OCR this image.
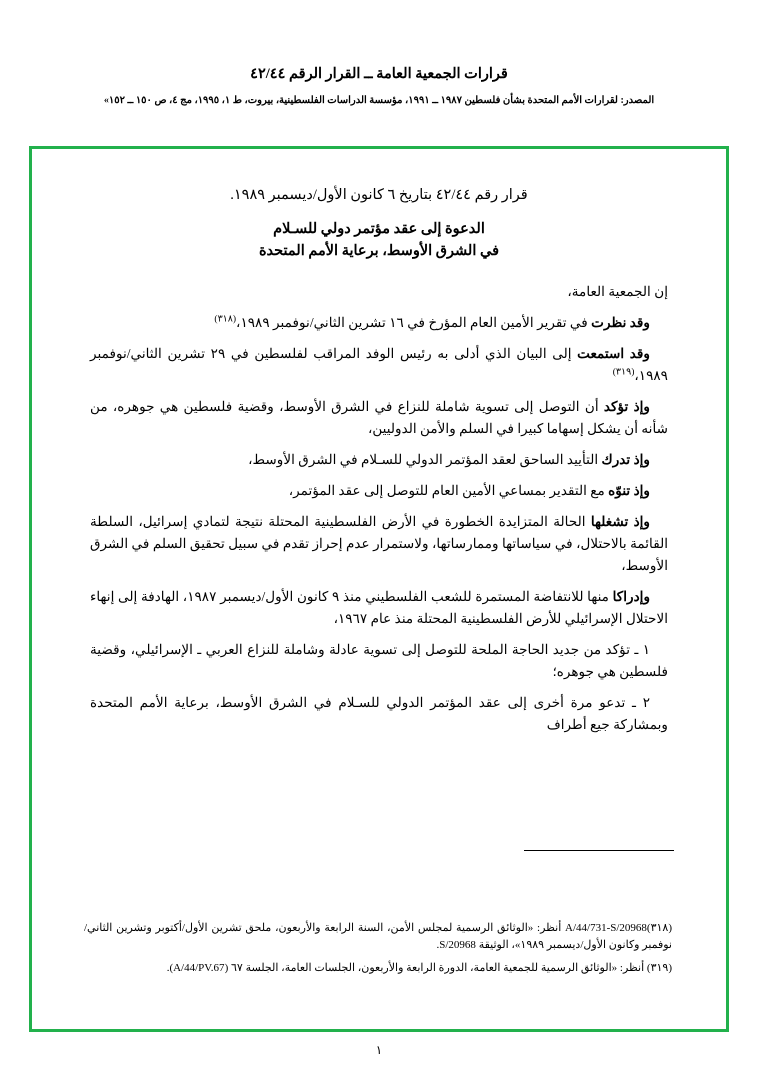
قرارات الجمعية العامة ــ القرار الرقم ٤٢/٤٤
المصدر: لقرارات الأمم المتحدة بشأن فلسطين ١٩٨٧ ــ ١٩٩١، مؤسسة الدراسات الفلسطينية، بيروت، ط ١، ١٩٩٥، مج ٤، ص ١٥٠ ــ ١٥٢»
قرار رقم ٤٢/٤٤ بتاريخ ٦ كانون الأول/ديسمبر ١٩٨٩.
الدعوة إلى عقد مؤتمر دولي للسـلام
في الشرق الأوسط، برعاية الأمم المتحدة

إن الجمعية العامة،

وقد نظرت في تقرير الأمين العام المؤرخ في ١٦ تشرين الثاني/نوفمبر ١٩٨٩،$^{(٣١٨)}$

وقد استمعت إلى البيان الذي أدلى به رئيس الوفد المراقب لفلسطين في ٢٩ تشرين الثاني/نوفمبر ١٩٨٩،$^{(٣١٩)}$

وإذ تؤكد أن التوصل إلى تسوية شاملة للنزاع في الشرق الأوسط، وقضية فلسطين هي جوهره، من شأنه أن يشكل إسهاما كبيرا في السلم والأمن الدوليين،

وإذ تدرك التأييد الساحق لعقد المؤتمر الدولي للسـلام في الشرق الأوسط،

وإذ تنوّه مع التقدير بمساعي الأمين العام للتوصل إلى عقد المؤتمر،

وإذ تشغلها الحالة المتزايدة الخطورة في الأرض الفلسطينية المحتلة نتيجة لتمادي إسرائيل، السلطة القائمة بالاحتلال، في سياساتها وممارساتها، ولاستمرار عدم إحراز تقدم في سبيل تحقيق السلم في الشرق الأوسط،

وإدراكا منها للانتفاضة المستمرة للشعب الفلسطيني منذ ٩ كانون الأول/ديسمبر ١٩٨٧، الهادفة إلى إنهاء الاحتلال الإسرائيلي للأرض الفلسطينية المحتلة منذ عام ١٩٦٧،

١ ـ تؤكد من جديد الحاجة الملحة للتوصل إلى تسوية عادلة وشاملة للنزاع العربي ـ الإسرائيلي، وقضية فلسطين هي جوهره؛

٢ ـ تدعو مرة أخرى إلى عقد المؤتمر الدولي للسـلام في الشرق الأوسط، برعاية الأمم المتحدة وبمشاركة جيع أطراف

(٣١٨)A/44/731-S/20968 أنظر: «الوثائق الرسمية لمجلس الأمن، السنة الرابعة والأربعون، ملحق تشرين الأول/أكتوبر وتشرين الثاني/نوفمبر وكانون الأول/ديسمبر ١٩٨٩»، الوثيقة S/20968.
(٣١٩) أنظر: «الوثائق الرسمية للجمعية العامة، الدورة الرابعة والأربعون، الجلسات العامة، الجلسة ٦٧ (A/44/PV.67).
١
